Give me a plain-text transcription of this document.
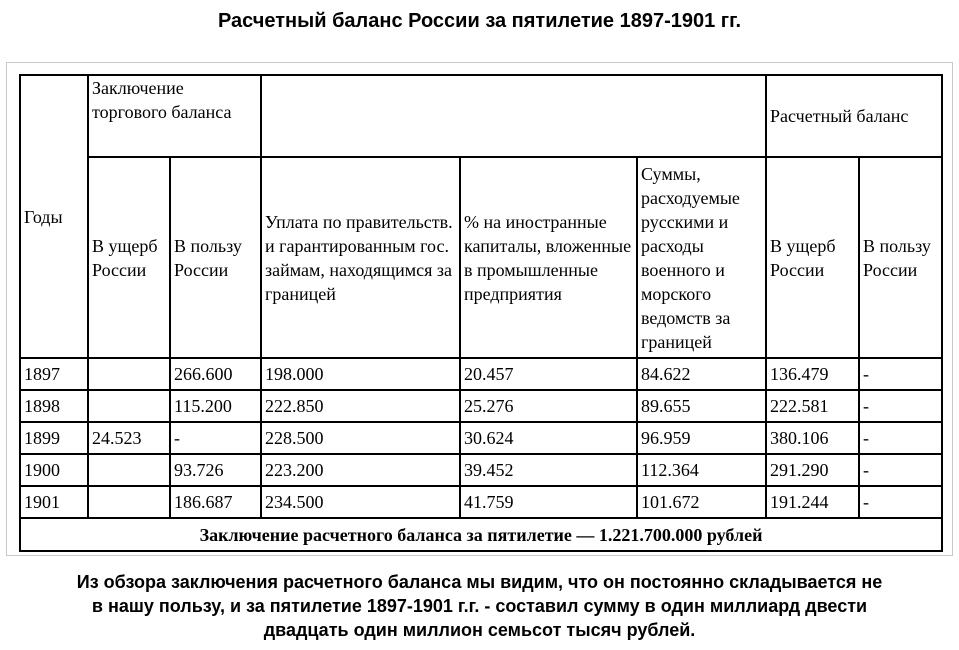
Расчетный баланс России за пятилетие 1897-1901 гг.
Годы	Заключение торгового баланса					Расчетный баланс	
	В ущерб России	В пользу России	Уплата по правительств. и гарантированным гос. займам, находящимся за границей	% на иностранные капиталы, вложенные в промышленные предприятия	Суммы, расходуемые русскими и расходы военного и морского ведомств за границей	В ущерб России	В пользу России
1897		266.600	198.000	20.457	84.622	136.479	-
1898		115.200	222.850	25.276	89.655	222.581	-
1899	24.523	-	228.500	30.624	96.959	380.106	-
1900		93.726	223.200	39.452	112.364	291.290	-
1901		186.687	234.500	41.759	101.672	191.244	-
Заключение расчетного баланса за пятилетие — 1.221.700.000 рублей							
Из обзора заключения расчетного баланса мы видим, что он постоянно складывается не
в нашу пользу, и за пятилетие 1897-1901 г.г. - составил сумму в один миллиард двести
двадцать один миллион семьсот тысяч рублей.
